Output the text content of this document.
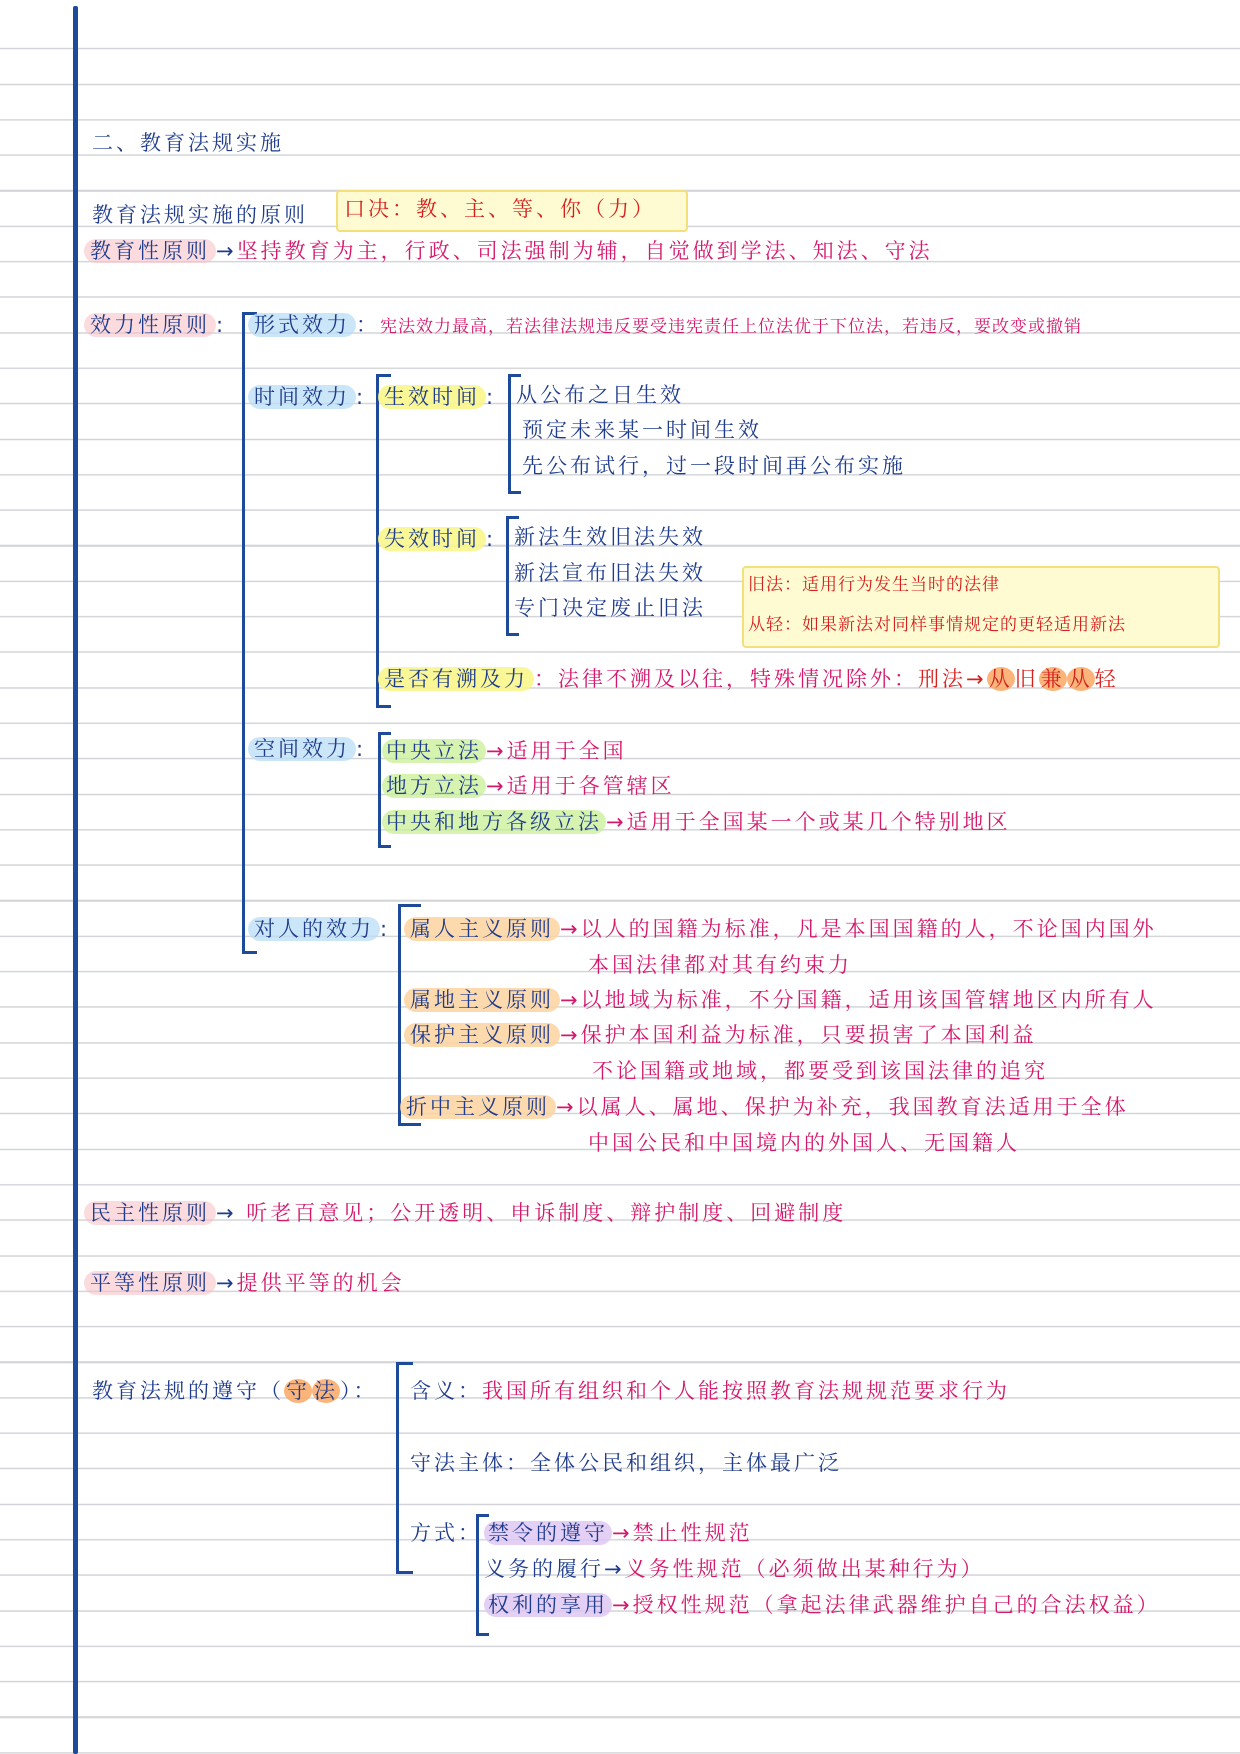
二、教育法规实施
教育法规实施的原则 口决：教、主、等、你（力）
教育性原则 →坚持教育为主，行政、司法强制为辅，自觉做到学法、知法、守法
效力性原则 : 形式效力 ：宪法效力最高，若法律法规违反要受违宪责任上位法优于下位法，若违反，要改变或撤销
时间效力 : 生效时间 : 从公布之日生效
预定未来某一时间生效
先公布试行，过一段时间再公布实施
失效时间 : 新法生效旧法失效
新法宣布旧法失效
专门决定废止旧法
旧法：适用行为发生当时的法律
从轻：如果新法对同样事情规定的更轻适用新法
是否有溯及力 ：法律不溯及以往，特殊情况除外：刑法→从旧兼 从轻
空间效力 : 中央立法 →适用于全国
地方立法 →适用于各管辖区
中央和地方各级立法 →适用于全国某一个或某几个特别地区
对人的效力 : 属人主义原则 →以人的国籍为标准，凡是本国国籍的人，不论国内国外
本国法律都对其有约束力
属地主义原则 →以地域为标准，不分国籍，适用该国管辖地区内所有人
保护主义原则 →保护本国利益为标准，只要损害了本国利益
不论国籍或地域，都要受到该国法律的追究
折中主义原则 →以属人、属地、保护为补充，我国教育法适用于全体
中国公民和中国境内的外国人、无国籍人
民主性原则 → 听老百意见；公开透明、申诉制度、辩护制度、回避制度
平等性原则 →提供平等的机会
教育法规的遵守（守 法）： 含义：我国所有组织和个人能按照教育法规规范要求行为
守法主体：全体公民和组织，主体最广泛
方式： 禁令的遵守 →禁止性规范
义务的履行→义务性规范（必须做出某种行为）
权利的享用 →授权性规范（拿起法律武器维护自己的合法权益）
